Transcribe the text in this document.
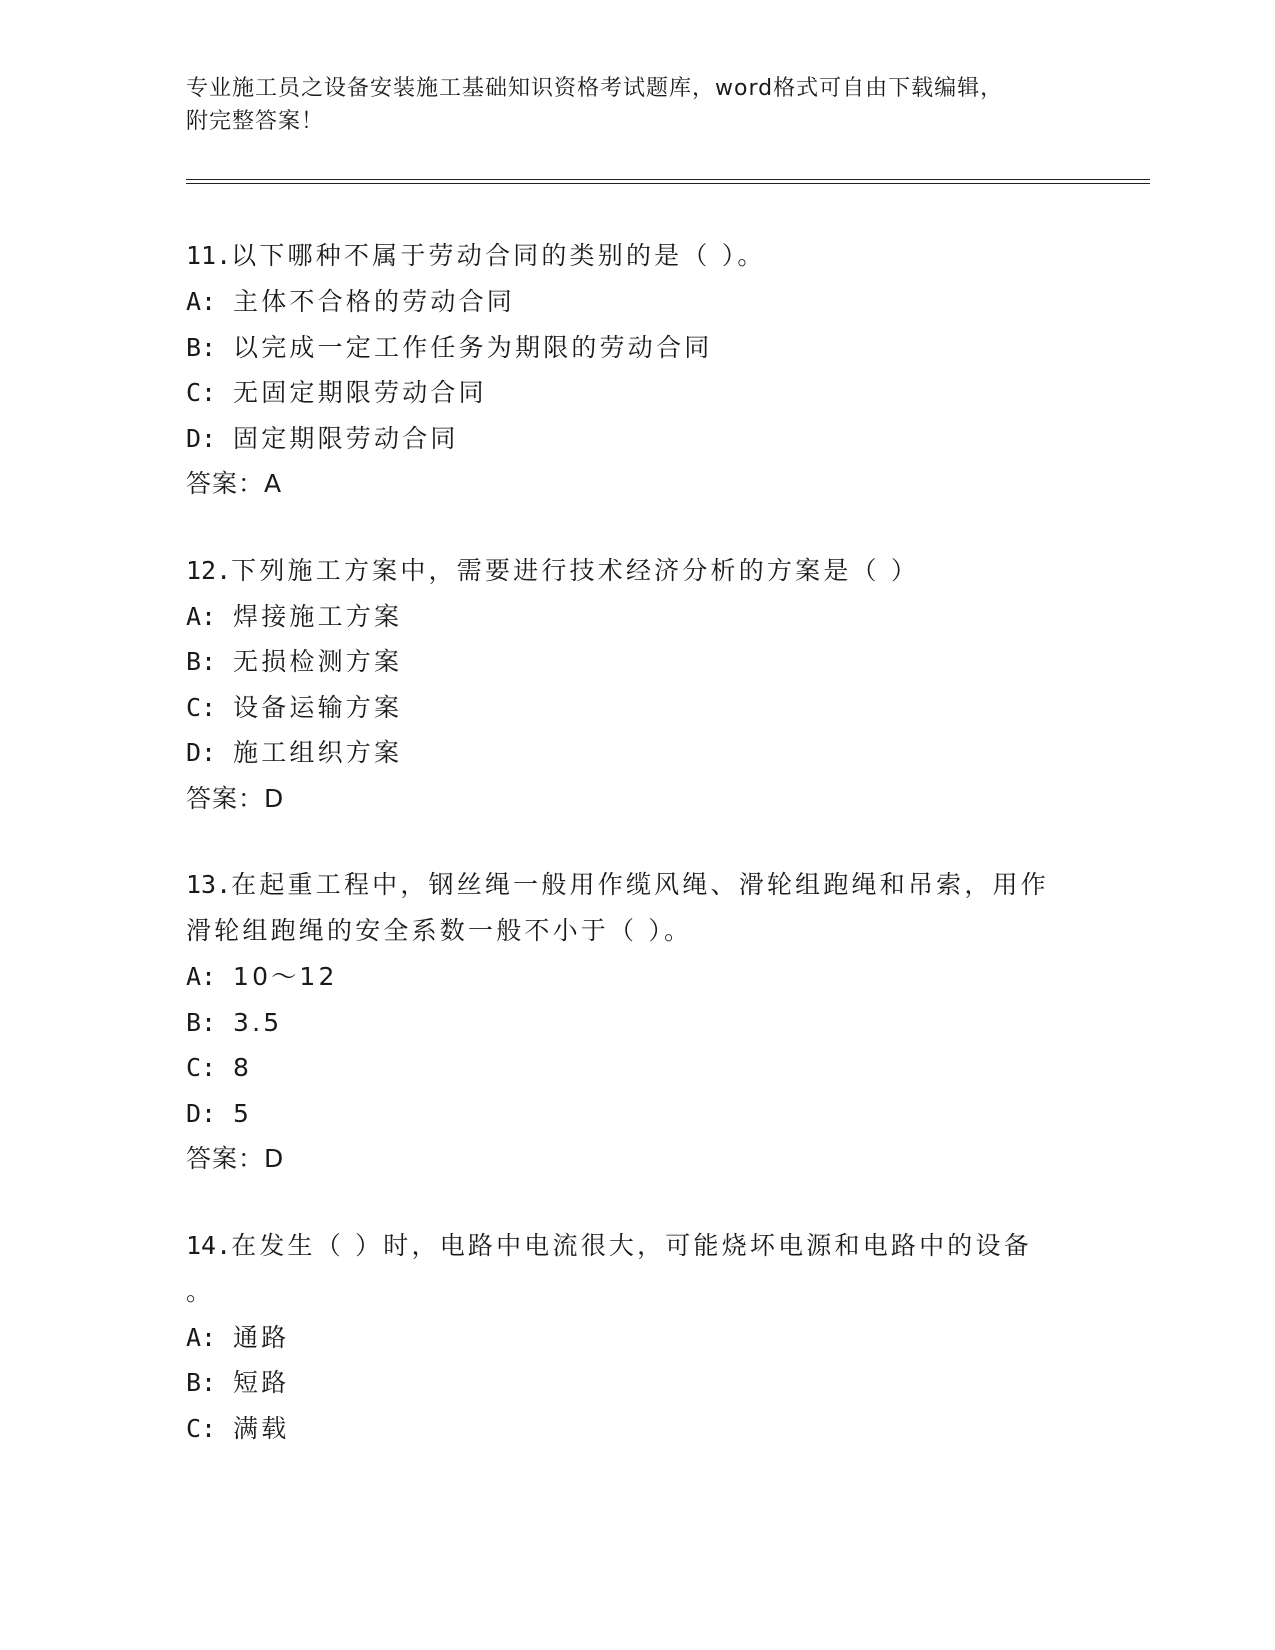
专业施工员之设备安装施工基础知识资格考试题库，word格式可自由下载编辑，
附完整答案！
11.以下哪种不属于劳动合同的类别的是（ ）。
A: 主体不合格的劳动合同
B: 以完成一定工作任务为期限的劳动合同
C: 无固定期限劳动合同
D: 固定期限劳动合同
答案：A
12.下列施工方案中，需要进行技术经济分析的方案是（ ）
A: 焊接施工方案
B: 无损检测方案
C: 设备运输方案
D: 施工组织方案
答案：D
13.在起重工程中，钢丝绳一般用作缆风绳、滑轮组跑绳和吊索，用作
滑轮组跑绳的安全系数一般不小于（ ）。
A: 10～12
B: 3.5
C: 8
D: 5
答案：D
14.在发生（ ）时，电路中电流很大，可能烧坏电源和电路中的设备
。
A: 通路
B: 短路
C: 满载
